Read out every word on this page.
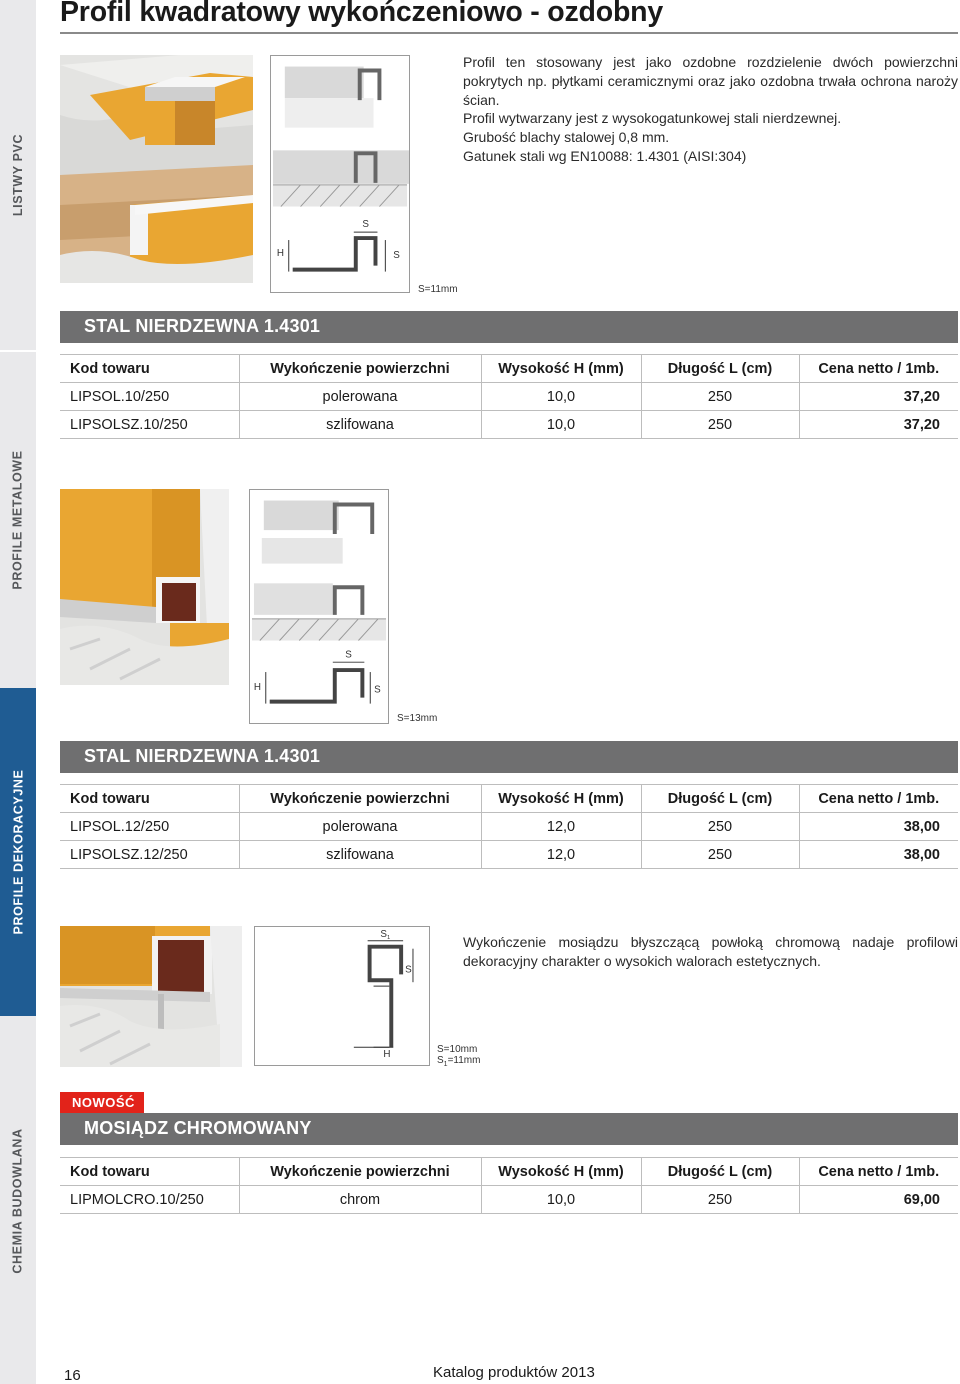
LISTWY PVC
PROFILE METALOWE
PROFILE DEKORACYJNE
CHEMIA BUDOWLANA
Profil kwadratowy wykończeniowo - ozdobny
S
H	S
S=11mm

Profil ten stosowany jest jako ozdobne rozdzielenie dwóch powierzchni pokrytych np. płytkami ceramicznymi oraz jako ozdobna trwała ochrona naroży ścian.

Profil wytwarzany jest z wysokogatunkowej stali nierdzewnej.

Grubość blachy stalowej 0,8 mm.

Gatunek stali wg EN10088: 1.4301 (AISI:304)

STAL NIERDZEWNA 1.4301
Kod towaru	Wykończenie powierzchni	Wysokość H (mm)	Długość L (cm)	Cena netto / 1mb.
LIPSOL.10/250	polerowana	10,0	250	37,20
LIPSOLSZ.10/250	szlifowana	10,0	250	37,20
S
H	S
S=13mm
STAL NIERDZEWNA 1.4301
Kod towaru	Wykończenie powierzchni	Wysokość H (mm)	Długość L (cm)	Cena netto / 1mb.
LIPSOL.12/250	polerowana	12,0	250	38,00
LIPSOLSZ.12/250	szlifowana	12,0	250	38,00
$S_1$
S
H	S=10mm
$S_1=11mm$
Wykończenie mosiądzu błyszczącą powłoką chromową nadaje profilowi dekoracyjny charakter o wysokich walorach estetycznych.
NOWOŚĆ
MOSIĄDZ CHROMOWANY
Kod towaru	Wykończenie powierzchni	Wysokość H (mm)	Długość L (cm)	Cena netto / 1mb.
LIPMOLCRO.10/250	chrom	10,0	250	69,00
16	Katalog produktów 2013
